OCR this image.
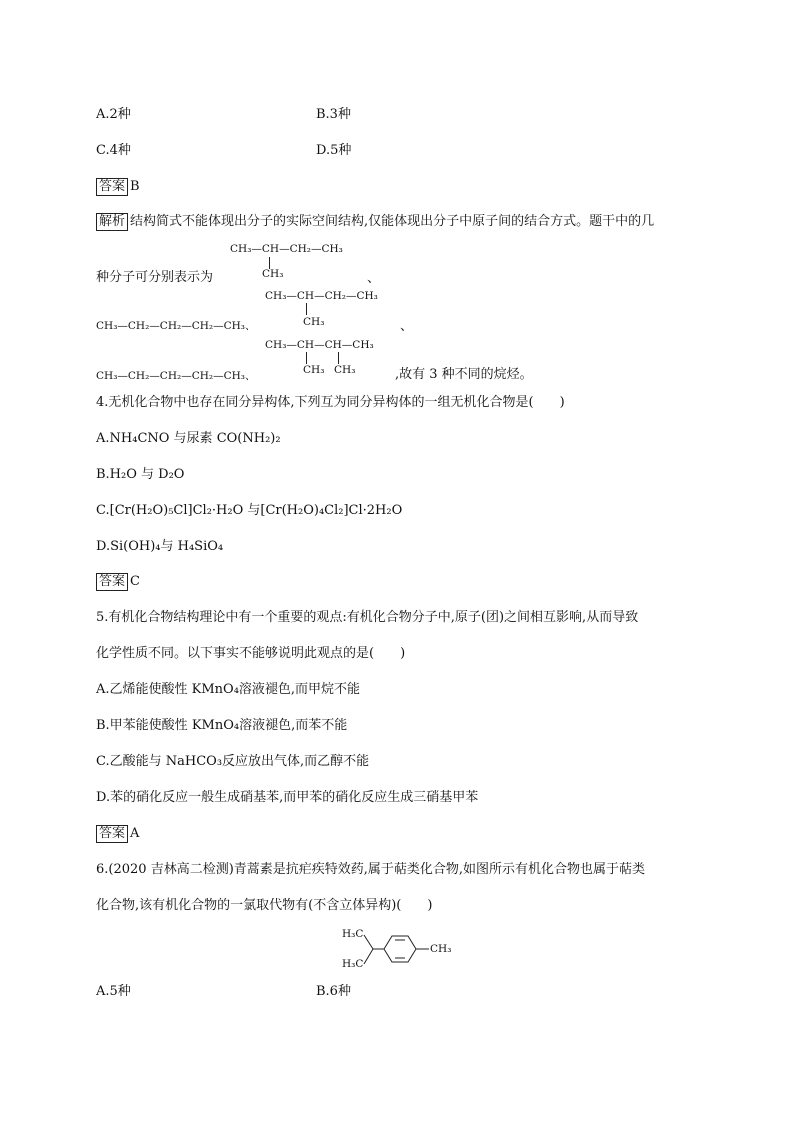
A.2种	B.3种
C.4种	D.5种
答案 B
解析 结构简式不能体现出分子的实际空间结构,仅能体现出分子中原子间的结合方式。题干中的几
CH₃—CH—CH₂—CH₃
CH₃
种分子可分别表示为	、
CH₃—CH—CH₂—CH₃
CH₃
CH₃—CH₂—CH₂—CH₂—CH₃、	、
CH₃—CH—CH—CH₃
CH₃ CH₃
CH₃—CH₂—CH₂—CH₂—CH₃、	,故有 3 种不同的烷烃。
4.无机化合物中也存在同分异构体,下列互为同分异构体的一组无机化合物是(　　)
A.NH₄CNO 与尿素 CO(NH₂)₂
B.H₂O 与 D₂O
C.[Cr(H₂O)₅Cl]Cl₂·H₂O 与[Cr(H₂O)₄Cl₂]Cl·2H₂O
D.Si(OH)₄与 H₄SiO₄
答案 C
5.有机化合物结构理论中有一个重要的观点:有机化合物分子中,原子(团)之间相互影响,从而导致
化学性质不同。以下事实不能够说明此观点的是(　　)
A.乙烯能使酸性 KMnO₄溶液褪色,而甲烷不能
B.甲苯能使酸性 KMnO₄溶液褪色,而苯不能
C.乙酸能与 NaHCO₃反应放出气体,而乙醇不能
D.苯的硝化反应一般生成硝基苯,而甲苯的硝化反应生成三硝基甲苯
答案 A
6.(2020 吉林高二检测)青蒿素是抗疟疾特效药,属于萜类化合物,如图所示有机化合物也属于萜类
化合物,该有机化合物的一氯取代物有(不含立体异构)(　　)
H₃C
H₃C
CH₃
A.5种	B.6种
